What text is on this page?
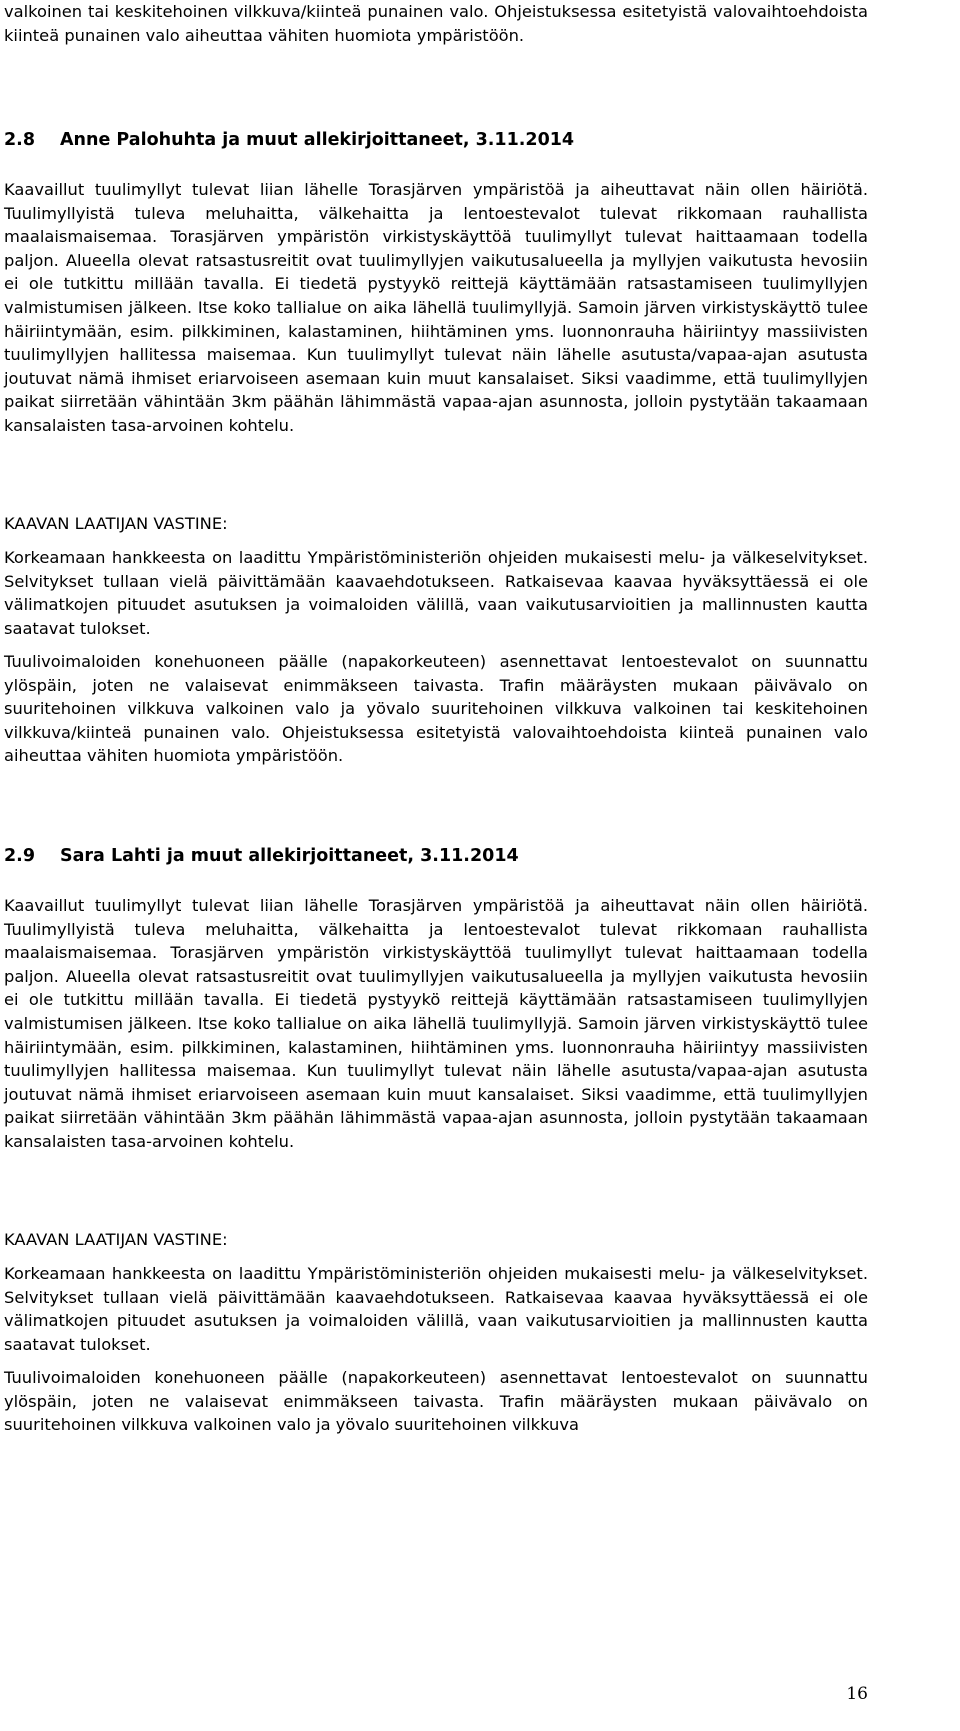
valkoinen tai keskitehoinen vilkkuva/kiinteä punainen valo. Ohjeistuksessa esitetyistä valovaihtoehdoista kiinteä punainen valo aiheuttaa vähiten huomiota ympäristöön.

2.8 Anne Palohuhta ja muut allekirjoittaneet, 3.11.2014

Kaavaillut tuulimyllyt tulevat liian lähelle Torasjärven ympäristöä ja aiheuttavat näin ollen häiriötä. Tuulimyllyistä tuleva meluhaitta, välkehaitta ja lentoestevalot tulevat rikkomaan rauhallista maalaismaisemaa. Torasjärven ympäristön virkistyskäyttöä tuulimyllyt tulevat haittaamaan todella paljon. Alueella olevat ratsastusreitit ovat tuulimyllyjen vaikutusalueella ja myllyjen vaikutusta hevosiin ei ole tutkittu millään tavalla. Ei tiedetä pystyykö reittejä käyttämään ratsastamiseen tuulimyllyjen valmistumisen jälkeen. Itse koko tallialue on aika lähellä tuulimyllyjä. Samoin järven virkistyskäyttö tulee häiriintymään, esim. pilkkiminen, kalastaminen, hiihtäminen yms. luonnonrauha häiriintyy massiivisten tuulimyllyjen hallitessa maisemaa. Kun tuulimyllyt tulevat näin lähelle asutusta/vapaa-ajan asutusta joutuvat nämä ihmiset eriarvoiseen asemaan kuin muut kansalaiset. Siksi vaadimme, että tuulimyllyjen paikat siirretään vähintään 3km päähän lähimmästä vapaa-ajan asunnosta, jolloin pystytään takaamaan kansalaisten tasa-arvoinen kohtelu.

KAAVAN LAATIJAN VASTINE:

Korkeamaan hankkeesta on laadittu Ympäristöministeriön ohjeiden mukaisesti melu- ja välkeselvitykset. Selvitykset tullaan vielä päivittämään kaavaehdotukseen. Ratkaisevaa kaavaa hyväksyttäessä ei ole välimatkojen pituudet asutuksen ja voimaloiden välillä, vaan vaikutusarvioitien ja mallinnusten kautta saatavat tulokset.

Tuulivoimaloiden konehuoneen päälle (napakorkeuteen) asennettavat lentoestevalot on suunnattu ylöspäin, joten ne valaisevat enimmäkseen taivasta. Trafin määräysten mukaan päivävalo on suuritehoinen vilkkuva valkoinen valo ja yövalo suuritehoinen vilkkuva valkoinen tai keskitehoinen vilkkuva/kiinteä punainen valo. Ohjeistuksessa esitetyistä valovaihtoehdoista kiinteä punainen valo aiheuttaa vähiten huomiota ympäristöön.

2.9 Sara Lahti ja muut allekirjoittaneet, 3.11.2014

Kaavaillut tuulimyllyt tulevat liian lähelle Torasjärven ympäristöä ja aiheuttavat näin ollen häiriötä. Tuulimyllyistä tuleva meluhaitta, välkehaitta ja lentoestevalot tulevat rikkomaan rauhallista maalaismaisemaa. Torasjärven ympäristön virkistyskäyttöä tuulimyllyt tulevat haittaamaan todella paljon. Alueella olevat ratsastusreitit ovat tuulimyllyjen vaikutusalueella ja myllyjen vaikutusta hevosiin ei ole tutkittu millään tavalla. Ei tiedetä pystyykö reittejä käyttämään ratsastamiseen tuulimyllyjen valmistumisen jälkeen. Itse koko tallialue on aika lähellä tuulimyllyjä. Samoin järven virkistyskäyttö tulee häiriintymään, esim. pilkkiminen, kalastaminen, hiihtäminen yms. luonnonrauha häiriintyy massiivisten tuulimyllyjen hallitessa maisemaa. Kun tuulimyllyt tulevat näin lähelle asutusta/vapaa-ajan asutusta joutuvat nämä ihmiset eriarvoiseen asemaan kuin muut kansalaiset. Siksi vaadimme, että tuulimyllyjen paikat siirretään vähintään 3km päähän lähimmästä vapaa-ajan asunnosta, jolloin pystytään takaamaan kansalaisten tasa-arvoinen kohtelu.

KAAVAN LAATIJAN VASTINE:

Korkeamaan hankkeesta on laadittu Ympäristöministeriön ohjeiden mukaisesti melu- ja välkeselvitykset. Selvitykset tullaan vielä päivittämään kaavaehdotukseen. Ratkaisevaa kaavaa hyväksyttäessä ei ole välimatkojen pituudet asutuksen ja voimaloiden välillä, vaan vaikutusarvioitien ja mallinnusten kautta saatavat tulokset.

Tuulivoimaloiden konehuoneen päälle (napakorkeuteen) asennettavat lentoestevalot on suunnattu ylöspäin, joten ne valaisevat enimmäkseen taivasta. Trafin määräysten mukaan päivävalo on suuritehoinen vilkkuva valkoinen valo ja yövalo suuritehoinen vilkkuva

16
